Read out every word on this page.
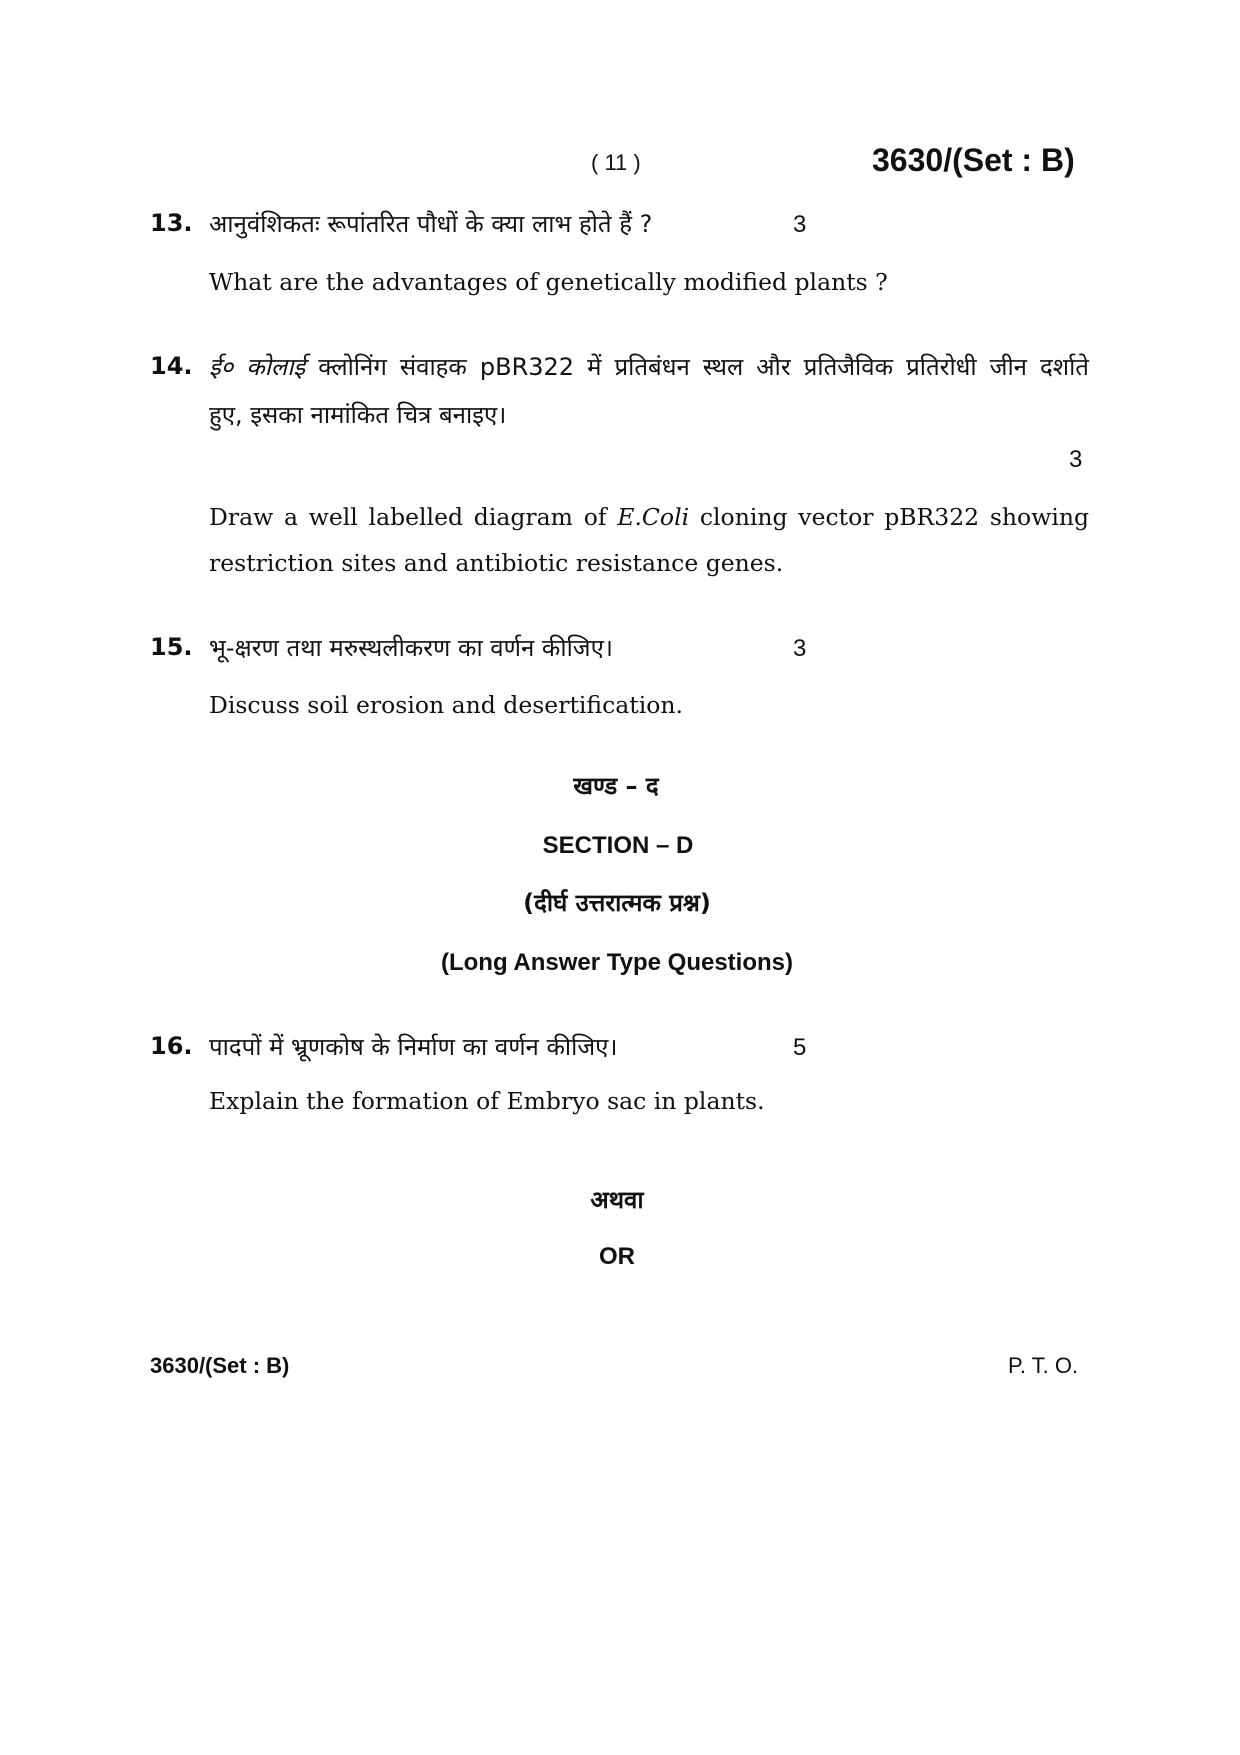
( 11 )	3630/(Set : B)
13. आनुवंशिकतः रूपांतरित पौधों के क्या लाभ होते हैं ?	3
What are the advantages of genetically modified plants ?
14. ई० कोलाई क्लोनिंग संवाहक pBR322 में प्रतिबंधन स्थल और प्रतिजैविक प्रतिरोधी जीन दर्शाते
हुए, इसका नामांकित चित्र बनाइए।
3
Draw a well labelled diagram of E.Coli cloning vector pBR322 showing
restriction sites and antibiotic resistance genes.
15. भू-क्षरण तथा मरुस्थलीकरण का वर्णन कीजिए।	3
Discuss soil erosion and desertification.
खण्ड – द
SECTION – D
(दीर्घ उत्तरात्मक प्रश्न)
(Long Answer Type Questions)
16. पादपों में भ्रूणकोष के निर्माण का वर्णन कीजिए।	5
Explain the formation of Embryo sac in plants.
अथवा
OR
3630/(Set : B)	P. T. O.
